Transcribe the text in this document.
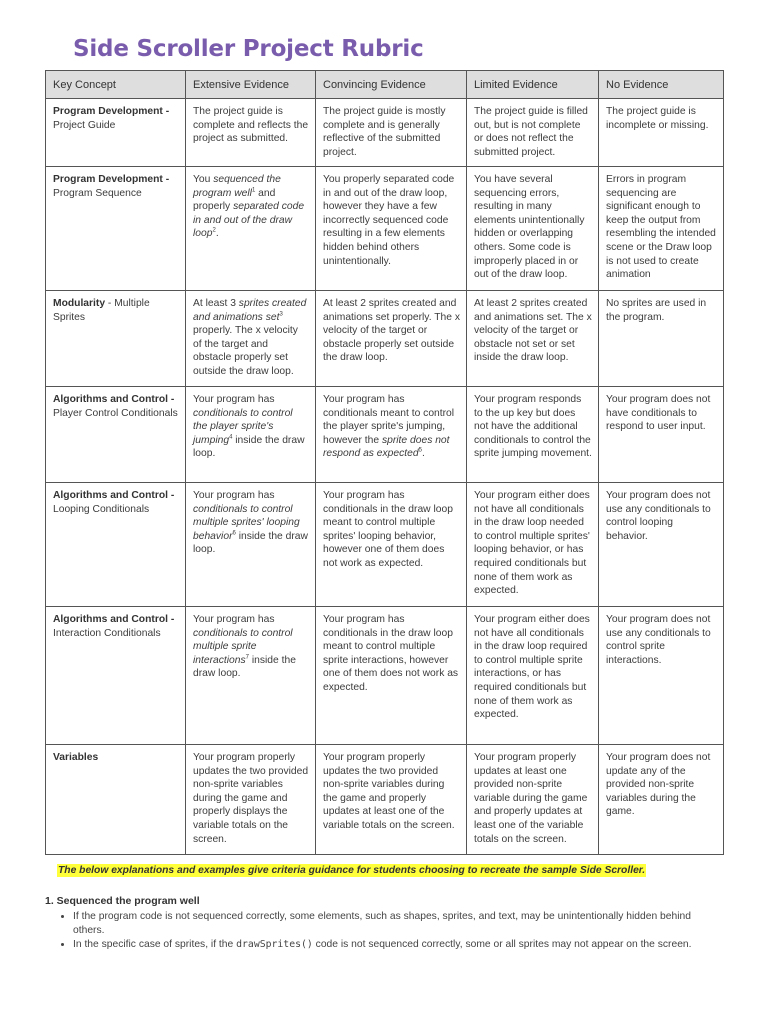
Side Scroller Project Rubric
Key Concept	Extensive Evidence	Convincing Evidence	Limited Evidence	No Evidence
Program Development -
Project Guide	The project guide is complete and reflects the project as submitted.	The project guide is mostly complete and is generally reflective of the submitted project.	The project guide is filled out, but is not complete or does not reflect the submitted project.	The project guide is incomplete or missing.
Program Development -
Program Sequence	You sequenced the program well$^1$ and properly separated code in and out of the draw loop$^2$.	You properly separated code in and out of the draw loop, however they have a few incorrectly sequenced code resulting in a few elements hidden behind others unintentionally.	You have several sequencing errors, resulting in many elements unintentionally hidden or overlapping others. Some code is improperly placed in or out of the draw loop.	Errors in program sequencing are significant enough to keep the output from resembling the intended scene or the Draw loop is not used to create animation
Modularity - Multiple Sprites	At least 3 sprites created and animations set$^3$ properly. The x velocity of the target and obstacle properly set outside the draw loop.	At least 2 sprites created and animations set properly. The x velocity of the target or obstacle properly set outside the draw loop.	At least 2 sprites created and animations set. The x velocity of the target or obstacle not set or set inside the draw loop.	No sprites are used in the program.
Algorithms and Control -
Player Control Conditionals	Your program has conditionals to control the player sprite's jumping$^4$ inside the draw loop.	Your program has conditionals meant to control the player sprite's jumping, however the sprite does not respond as expected$^5$.	Your program responds to the up key but does not have the additional conditionals to control the sprite jumping movement.	Your program does not have conditionals to respond to user input.
Algorithms and Control -
Looping Conditionals	Your program has conditionals to control multiple sprites' looping behavior$^6$ inside the draw loop.	Your program has conditionals in the draw loop meant to control multiple sprites' looping behavior, however one of them does not work as expected.	Your program either does not have all conditionals in the draw loop needed to control multiple sprites' looping behavior, or has required conditionals but none of them work as expected.	Your program does not use any conditionals to control looping behavior.
Algorithms and Control -
Interaction Conditionals	Your program has conditionals to control multiple sprite interactions$^7$ inside the draw loop.	Your program has conditionals in the draw loop meant to control multiple sprite interactions, however one of them does not work as expected.	Your program either does not have all conditionals in the draw loop required to control multiple sprite interactions, or has required conditionals but none of them work as expected.	Your program does not use any conditionals to control sprite interactions.
Variables	Your program properly updates the two provided non-sprite variables during the game and properly displays the variable totals on the screen.	Your program properly updates the two provided non-sprite variables during the game and properly updates at least one of the variable totals on the screen.	Your program properly updates at least one provided non-sprite variable during the game and properly updates at least one of the variable totals on the screen.	Your program does not update any of the provided non-sprite variables during the game.

The below explanations and examples give criteria guidance for students choosing to recreate the sample Side Scroller.

1. Sequenced the program well

• If the program code is not sequenced correctly, some elements, such as shapes, sprites, and text, may be unintentionally hidden behind others.
• In the specific case of sprites, if the drawSprites() code is not sequenced correctly, some or all sprites may not appear on the screen.
